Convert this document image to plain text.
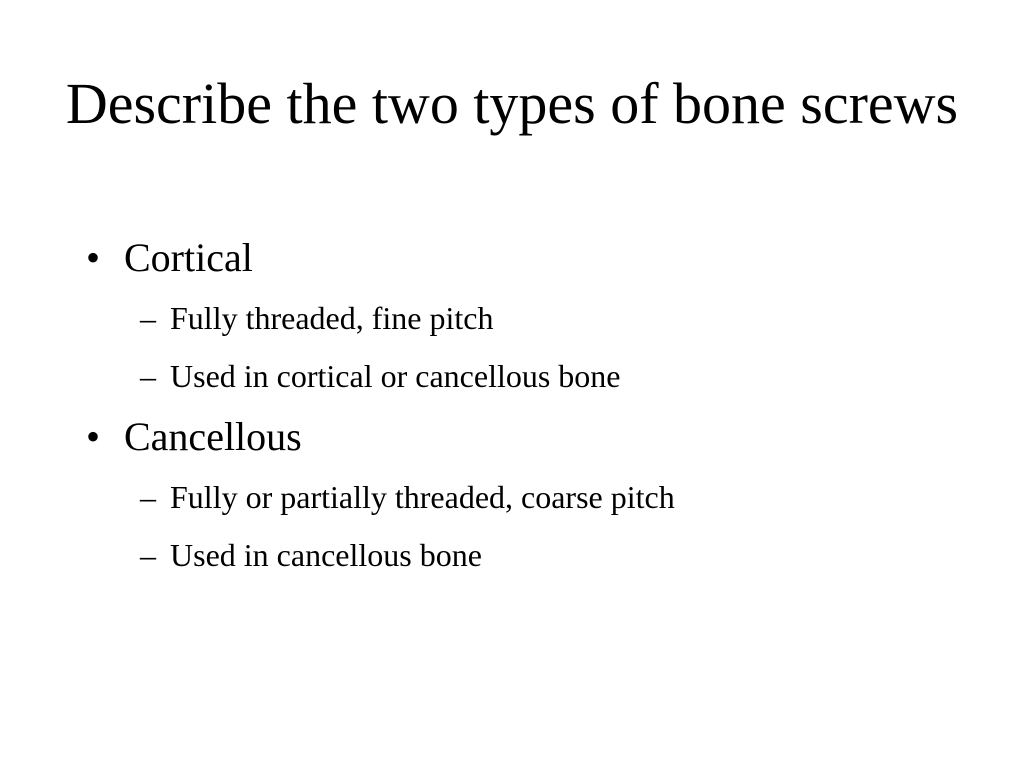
Describe the two types of bone screws
• Cortical
– Fully threaded, fine pitch
– Used in cortical or cancellous bone
• Cancellous
– Fully or partially threaded, coarse pitch
– Used in cancellous bone
